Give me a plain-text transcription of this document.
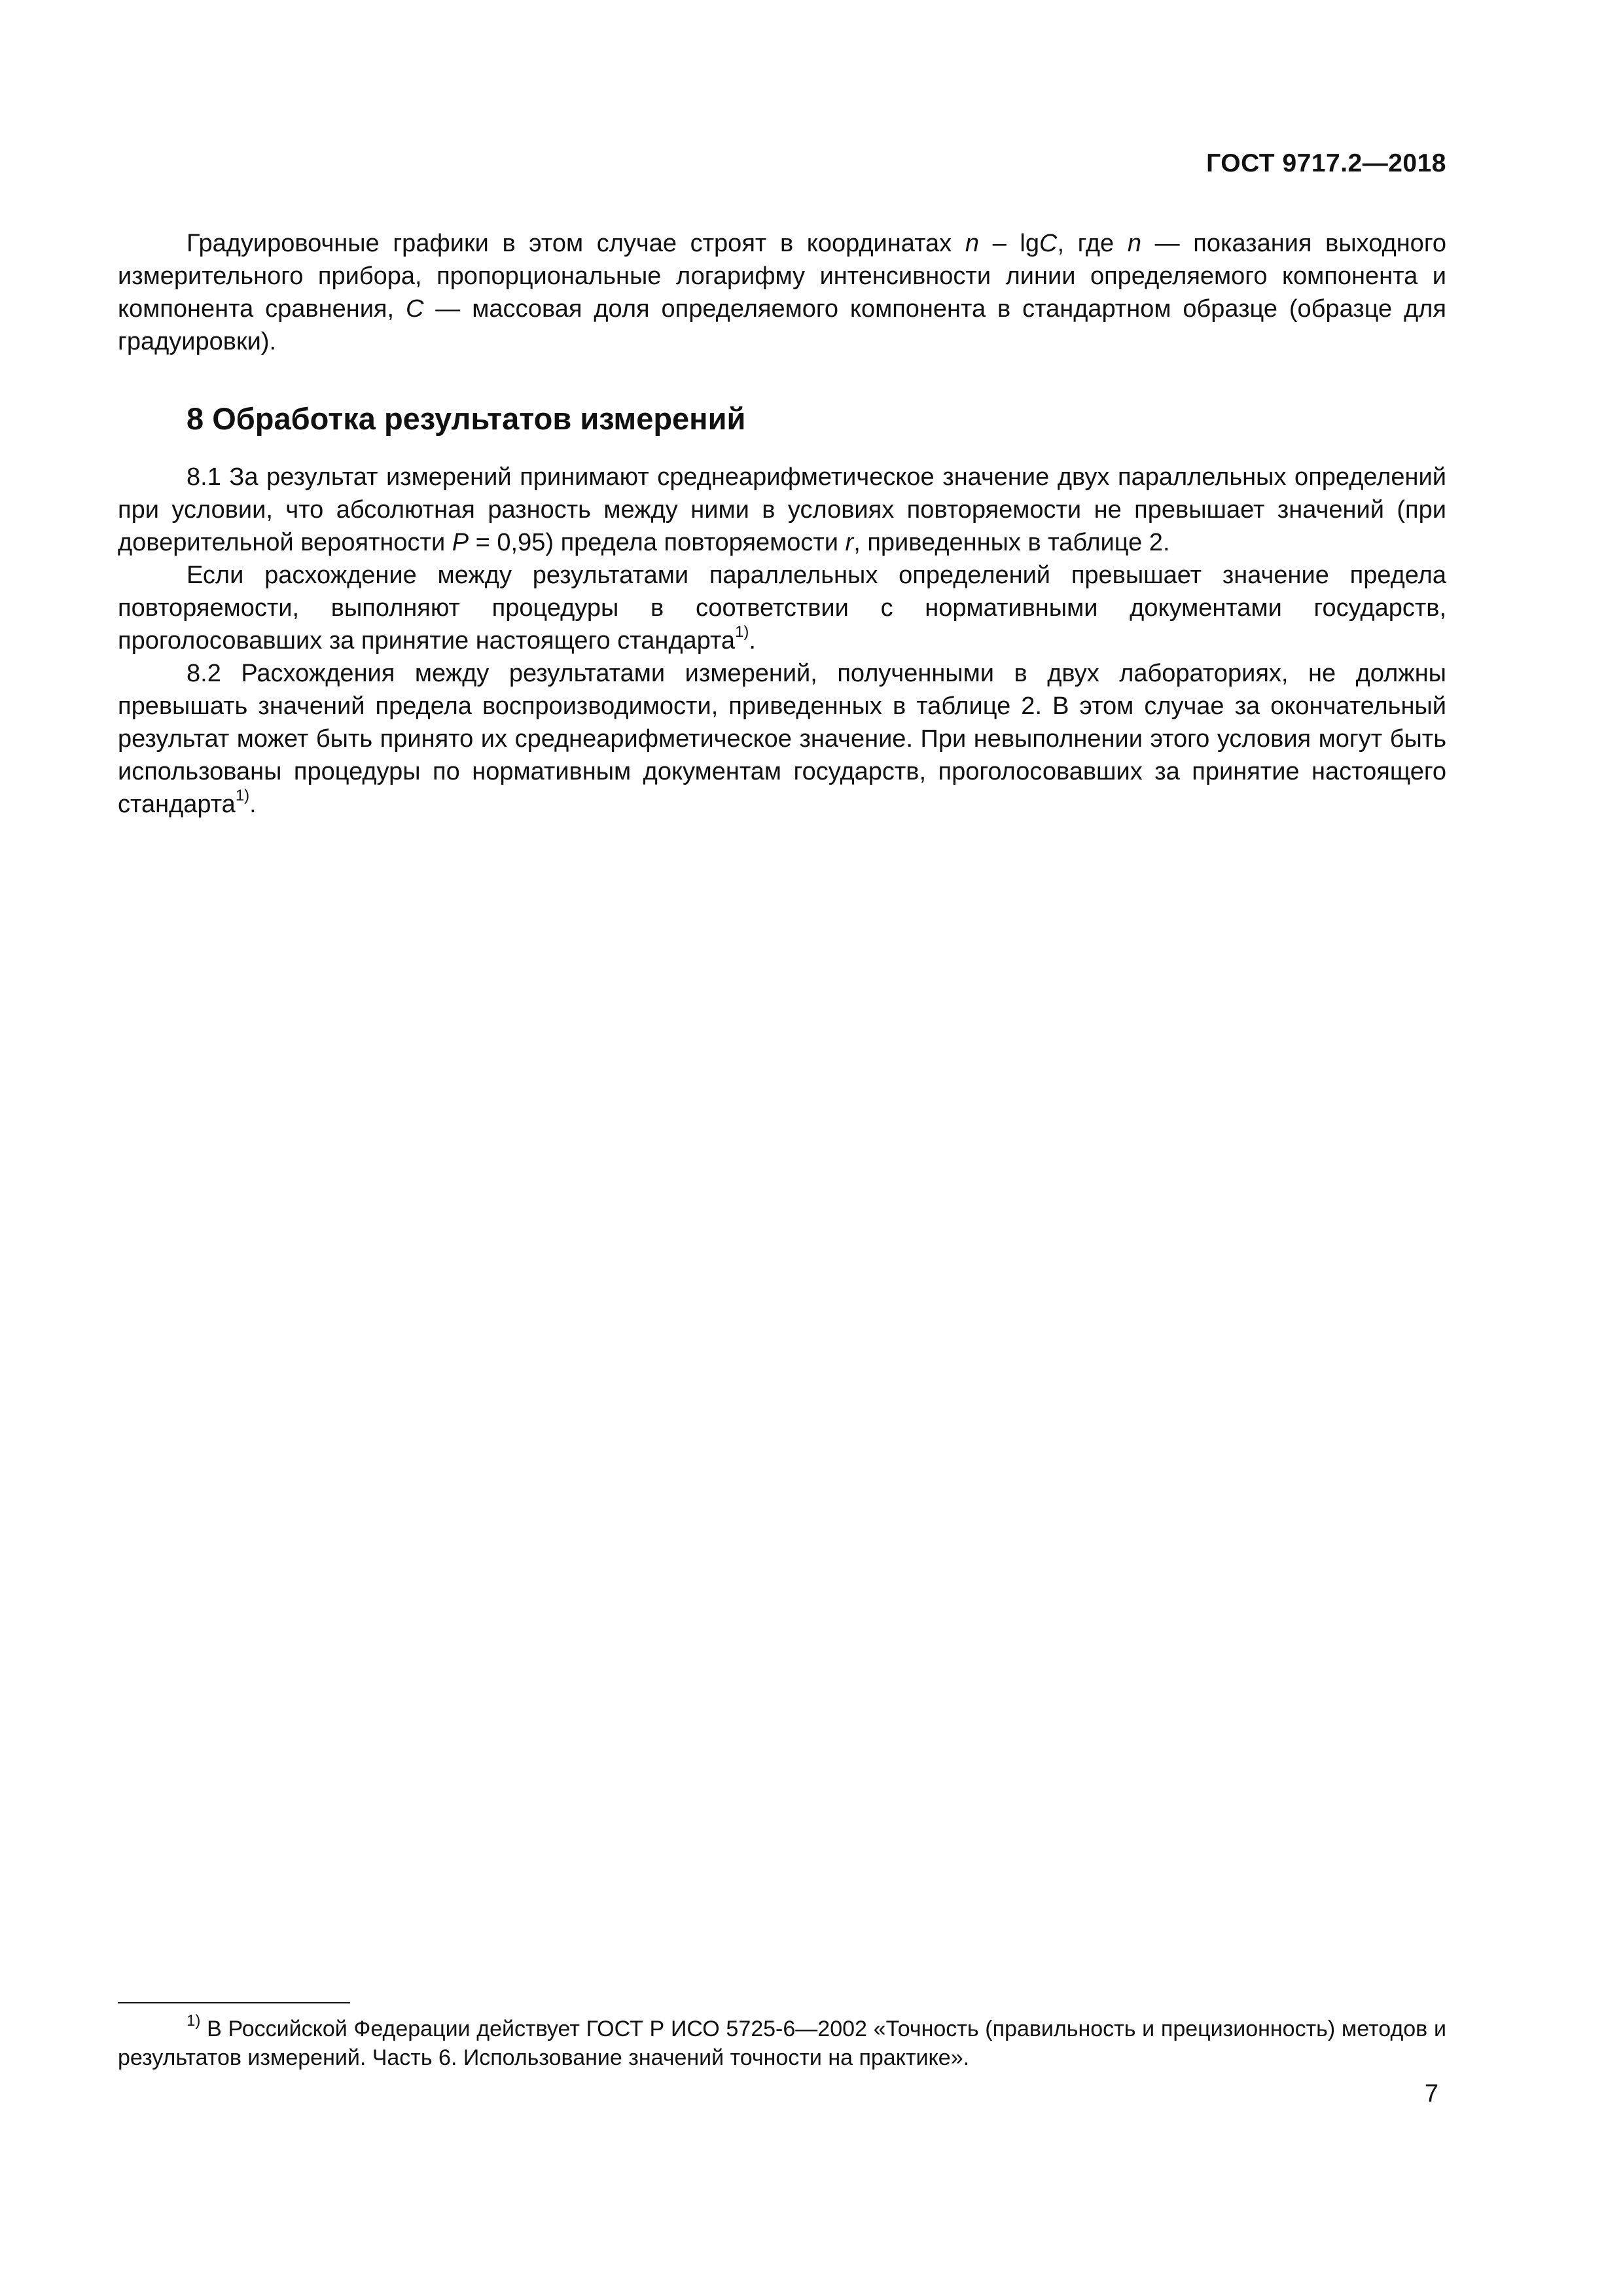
ГОСТ 9717.2—2018

Градуировочные графики в этом случае строят в координатах n – lgC, где n — показания выходного измерительного прибора, пропорциональные логарифму интенсивности линии определяемого компонента и компонента сравнения, C — массовая доля определяемого компонента в стандартном образце (образце для градуировки).

8 Обработка результатов измерений

8.1 За результат измерений принимают среднеарифметическое значение двух параллельных определений при условии, что абсолютная разность между ними в условиях повторяемости не превышает значений (при доверительной вероятности P = 0,95) предела повторяемости r, приведенных в таблице 2.

Если расхождение между результатами параллельных определений превышает значение предела повторяемости, выполняют процедуры в соответствии с нормативными документами государств, проголосовавших за принятие настоящего стандарта$^{1)}$.

8.2 Расхождения между результатами измерений, полученными в двух лабораториях, не должны превышать значений предела воспроизводимости, приведенных в таблице 2. В этом случае за окончательный результат может быть принято их среднеарифметическое значение. При невыполнении этого условия могут быть использованы процедуры по нормативным документам государств, проголосовавших за принятие настоящего стандарта$^{1)}$.

$^{1)}$ В Российской Федерации действует ГОСТ Р ИСО 5725-6—2002 «Точность (правильность и прецизионность) методов и результатов измерений. Часть 6. Использование значений точности на практике».

7
